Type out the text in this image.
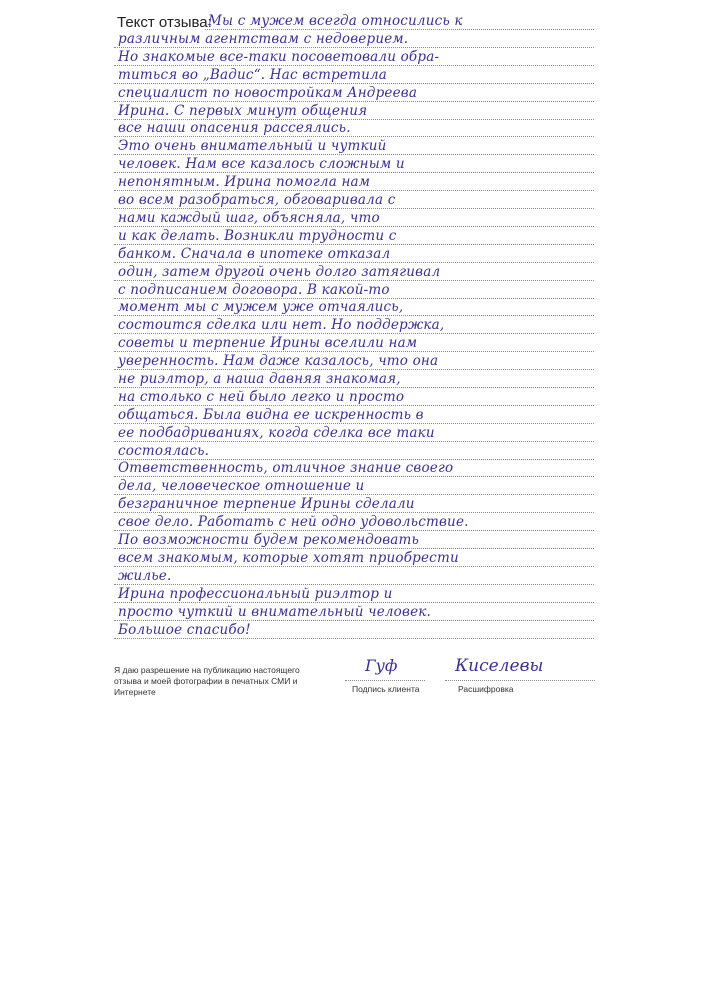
Текст отзыва:
Мы с мужем всегда относились к
различным агентствам с недоверием.
Но знакомые все-таки посоветовали обра-
титься во „Вадис“. Нас встретила
специалист по новостройкам Андреева
Ирина. С первых минут общения
все наши опасения рассеялись.
Это очень внимательный и чуткий
человек. Нам все казалось сложным и
непонятным. Ирина помогла нам
во всем разобраться, обговаривала с
нами каждый шаг, объясняла, что
и как делать. Возникли трудности с
банком. Сначала в ипотеке отказал
один, затем другой очень долго затягивал
с подписанием договора. В какой-то
момент мы с мужем уже отчаялись,
состоится сделка или нет. Но поддержка,
советы и терпение Ирины вселили нам
уверенность. Нам даже казалось, что она
не риэлтор, а наша давняя знакомая,
на столько с ней было легко и просто
общаться. Была видна ее искренность в
ее подбадриваниях, когда сделка все таки
состоялась.
Ответственность, отличное знание своего
дела, человеческое отношение и
безграничное терпение Ирины сделали
свое дело. Работать с ней одно удовольствие.
По возможности будем рекомендовать
всем знакомым, которые хотят приобрести
жилье.
Ирина профессиональный риэлтор и
просто чуткий и внимательный человек.
Большое спасибо!
Я даю разрешение на публикацию настоящего отзыва и моей фотографии в печатных СМИ и Интернете	Подпись клиента
Гуф
Расшифровка
Киселевы
